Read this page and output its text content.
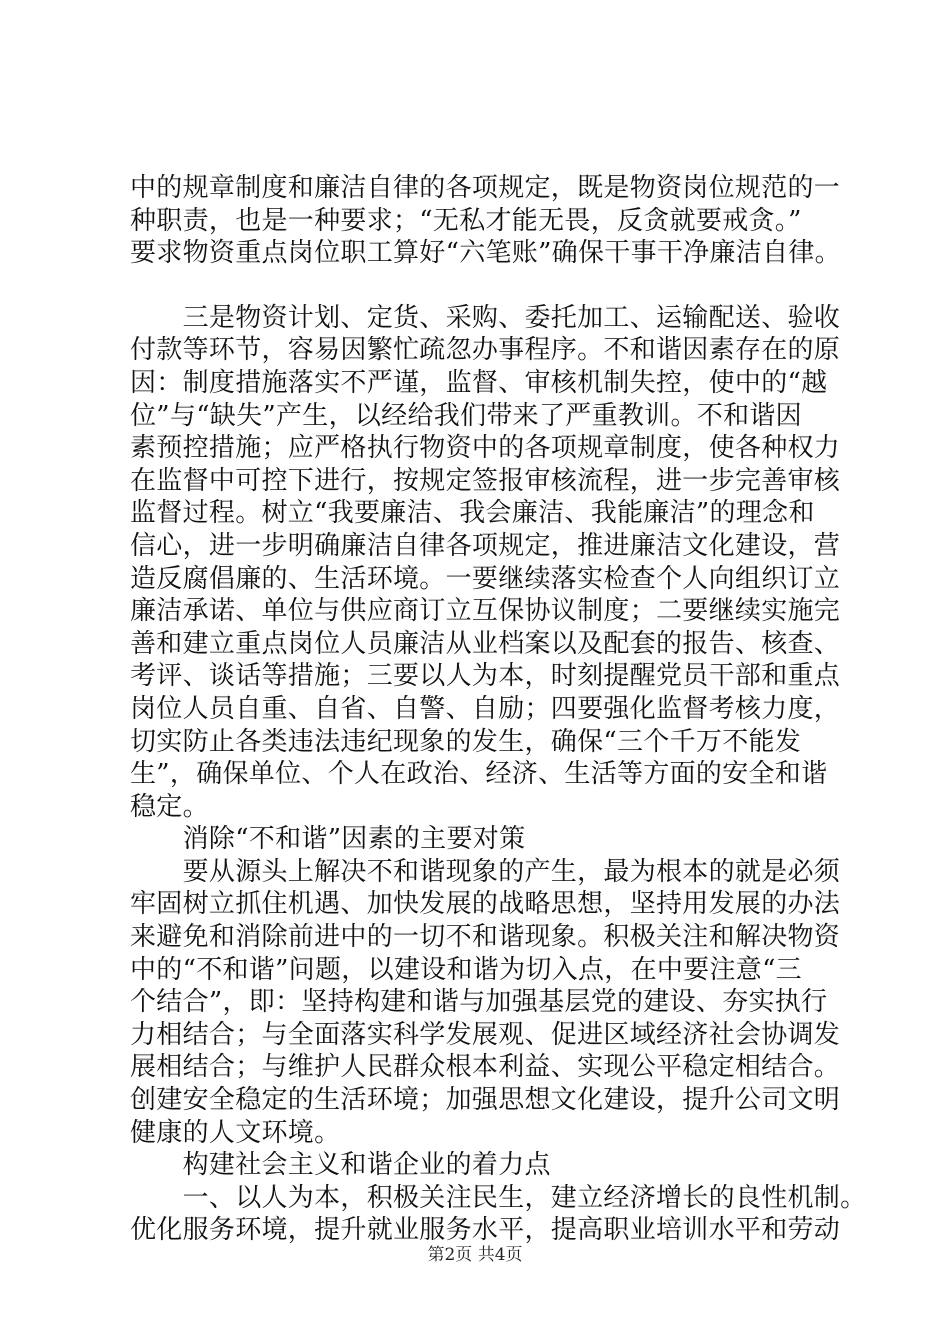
中的规章制度和廉洁自律的各项规定，既是物资岗位规范的一
种职责，也是一种要求；“无私才能无畏，反贪就要戒贪。”
要求物资重点岗位职工算好“六笔账”确保干事干净廉洁自律。
　　三是物资计划、定货、采购、委托加工、运输配送、验收
付款等环节，容易因繁忙疏忽办事程序。不和谐因素存在的原
因：制度措施落实不严谨，监督、审核机制失控，使中的“越
位”与“缺失”产生，以经给我们带来了严重教训。不和谐因
素预控措施；应严格执行物资中的各项规章制度，使各种权力
在监督中可控下进行，按规定签报审核流程，进一步完善审核
监督过程。树立“我要廉洁、我会廉洁、我能廉洁”的理念和
信心，进一步明确廉洁自律各项规定，推进廉洁文化建设，营
造反腐倡廉的、生活环境。一要继续落实检查个人向组织订立
廉洁承诺、单位与供应商订立互保协议制度；二要继续实施完
善和建立重点岗位人员廉洁从业档案以及配套的报告、核查、
考评、谈话等措施；三要以人为本，时刻提醒党员干部和重点
岗位人员自重、自省、自警、自励；四要强化监督考核力度，
切实防止各类违法违纪现象的发生，确保“三个千万不能发
生”，确保单位、个人在政治、经济、生活等方面的安全和谐
稳定。
　　消除“不和谐”因素的主要对策
　　要从源头上解决不和谐现象的产生，最为根本的就是必须
牢固树立抓住机遇、加快发展的战略思想，坚持用发展的办法
来避免和消除前进中的一切不和谐现象。积极关注和解决物资
中的“不和谐”问题，以建设和谐为切入点，在中要注意“三
个结合”，即：坚持构建和谐与加强基层党的建设、夯实执行
力相结合；与全面落实科学发展观、促进区域经济社会协调发
展相结合；与维护人民群众根本利益、实现公平稳定相结合。
创建安全稳定的生活环境；加强思想文化建设，提升公司文明
健康的人文环境。
　　构建社会主义和谐企业的着力点
　　一、以人为本，积极关注民生，建立经济增长的良性机制。
优化服务环境，提升就业服务水平，提高职业培训水平和劳动
第2页 共4页
